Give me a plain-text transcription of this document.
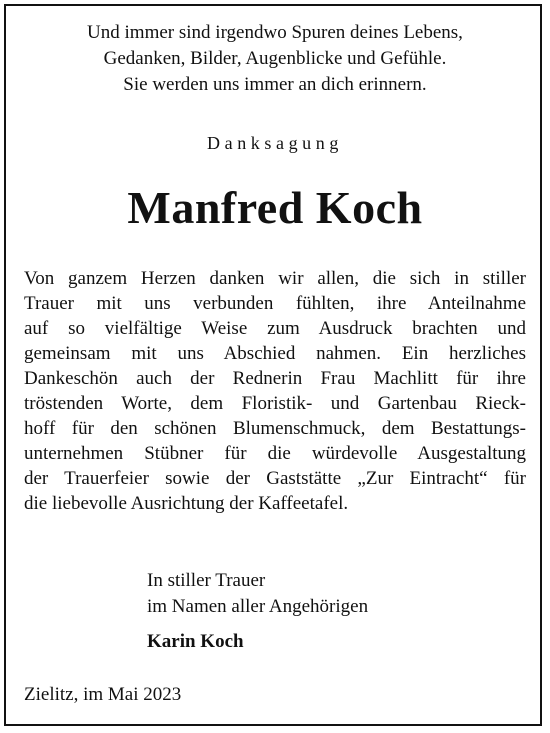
Und immer sind irgendwo Spuren deines Lebens,
Gedanken, Bilder, Augenblicke und Gefühle.
Sie werden uns immer an dich erinnern.
Danksagung
Manfred Koch
Von ganzem Herzen danken wir allen, die sich in stiller
Trauer mit uns verbunden fühlten, ihre Anteilnahme
auf so vielfältige Weise zum Ausdruck brachten und
gemeinsam mit uns Abschied nahmen. Ein herzliches
Dankeschön auch der Rednerin Frau Machlitt für ihre
tröstenden Worte, dem Floristik- und Gartenbau Rieck-
hoff für den schönen Blumenschmuck, dem Bestattungs-
unternehmen Stübner für die würdevolle Ausgestaltung
der Trauerfeier sowie der Gaststätte „Zur Eintracht“ für
die liebevolle Ausrichtung der Kaffeetafel.
In stiller Trauer
im Namen aller Angehörigen
Karin Koch
Zielitz, im Mai 2023
